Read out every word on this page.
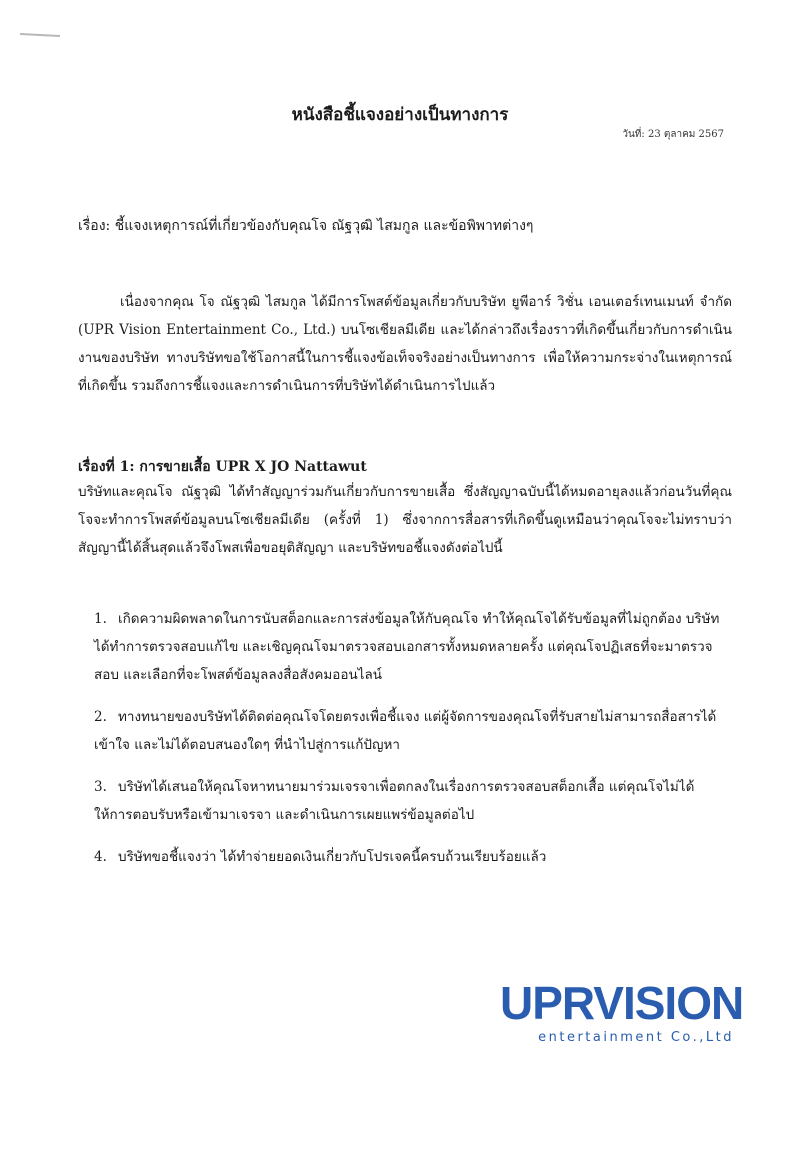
หนังสือชี้แจงอย่างเป็นทางการ
วันที่: 23 ตุลาคม 2567
เรื่อง: ชี้แจงเหตุการณ์ที่เกี่ยวข้องกับคุณโจ ณัฐวุฒิ ไสมกูล และข้อพิพาทต่างๆ
เนื่องจากคุณ โจ ณัฐวุฒิ ไสมกูล ได้มีการโพสต์ข้อมูลเกี่ยวกับบริษัท ยูพีอาร์ วิชั่น เอนเตอร์เทนเมนท์ จำกัด (UPR Vision Entertainment Co., Ltd.) บนโซเชียลมีเดีย และได้กล่าวถึงเรื่องราวที่เกิดขึ้นเกี่ยวกับการดำเนินงานของบริษัท ทางบริษัทขอใช้โอกาสนี้ในการชี้แจงข้อเท็จจริงอย่างเป็นทางการ เพื่อให้ความกระจ่างในเหตุการณ์ที่เกิดขึ้น รวมถึงการชี้แจงและการดำเนินการที่บริษัทได้ดำเนินการไปแล้ว
เรื่องที่ 1: การขายเสื้อ UPR X JO Nattawut
บริษัทและคุณโจ ณัฐวุฒิ ได้ทำสัญญาร่วมกันเกี่ยวกับการขายเสื้อ ซึ่งสัญญาฉบับนี้ได้หมดอายุลงแล้วก่อนวันที่คุณโจจะทำการโพสต์ข้อมูลบนโซเชียลมีเดีย (ครั้งที่ 1) ซึ่งจากการสื่อสารที่เกิดขึ้นดูเหมือนว่าคุณโจจะไม่ทราบว่าสัญญานี้ได้สิ้นสุดแล้วจึงโพสเพื่อขอยุติสัญญา และบริษัทขอชี้แจงดังต่อไปนี้
1. เกิดความผิดพลาดในการนับสต็อกและการส่งข้อมูลให้กับคุณโจ ทำให้คุณโจได้รับข้อมูลที่ไม่ถูกต้อง บริษัทได้ทำการตรวจสอบแก้ไข และเชิญคุณโจมาตรวจสอบเอกสารทั้งหมดหลายครั้ง แต่คุณโจปฏิเสธที่จะมาตรวจสอบ และเลือกที่จะโพสต์ข้อมูลลงสื่อสังคมออนไลน์
2. ทางทนายของบริษัทได้ติดต่อคุณโจโดยตรงเพื่อชี้แจง แต่ผู้จัดการของคุณโจที่รับสายไม่สามารถสื่อสารได้เข้าใจ และไม่ได้ตอบสนองใดๆ ที่นำไปสู่การแก้ปัญหา
3. บริษัทได้เสนอให้คุณโจหาทนายมาร่วมเจรจาเพื่อตกลงในเรื่องการตรวจสอบสต็อกเสื้อ แต่คุณโจไม่ได้ให้การตอบรับหรือเข้ามาเจรจา และดำเนินการเผยแพร่ข้อมูลต่อไป
4. บริษัทขอชี้แจงว่า ได้ทำจ่ายยอดเงินเกี่ยวกับโปรเจคนี้ครบถ้วนเรียบร้อยแล้ว
UPRVISION
entertainment Co.,Ltd
